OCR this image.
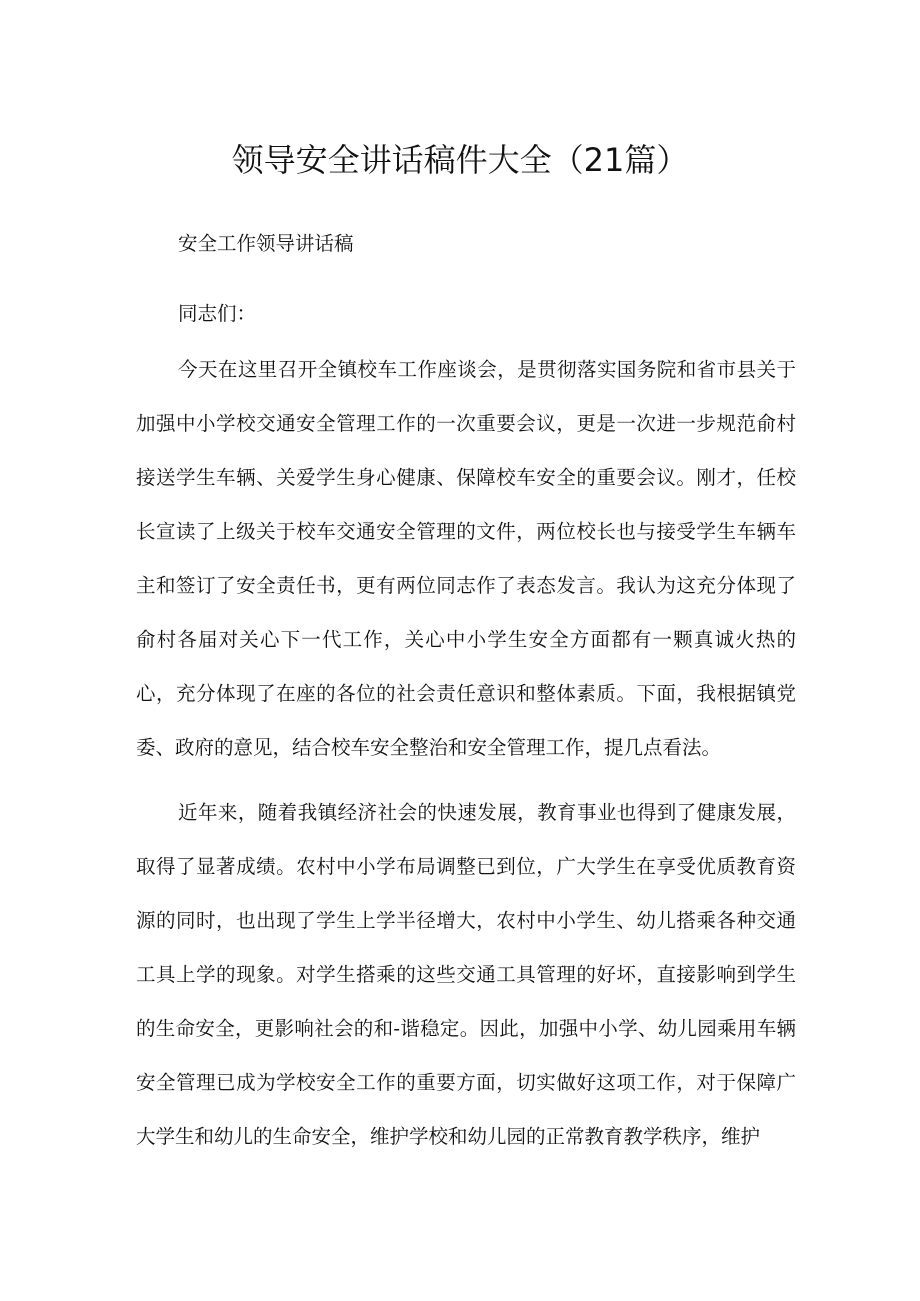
领导安全讲话稿件大全（21篇）

安全工作领导讲话稿

同志们：

今天在这里召开全镇校车工作座谈会，是贯彻落实国务院和省市县关于加强中小学校交通安全管理工作的一次重要会议，更是一次进一步规范俞村接送学生车辆、关爱学生身心健康、保障校车安全的重要会议。刚才，任校长宣读了上级关于校车交通安全管理的文件，两位校长也与接受学生车辆车主和签订了安全责任书，更有两位同志作了表态发言。我认为这充分体现了俞村各届对关心下一代工作，关心中小学生安全方面都有一颗真诚火热的心，充分体现了在座的各位的社会责任意识和整体素质。下面，我根据镇党委、政府的意见，结合校车安全整治和安全管理工作，提几点看法。

近年来，随着我镇经济社会的快速发展，教育事业也得到了健康发展，取得了显著成绩。农村中小学布局调整已到位，广大学生在享受优质教育资源的同时，也出现了学生上学半径增大，农村中小学生、幼儿搭乘各种交通工具上学的现象。对学生搭乘的这些交通工具管理的好坏，直接影响到学生的生命安全，更影响社会的和-谐稳定。因此，加强中小学、幼儿园乘用车辆安全管理已成为学校安全工作的重要方面，切实做好这项工作，对于保障广大学生和幼儿的生命安全，维护学校和幼儿园的正常教育教学秩序，维护
